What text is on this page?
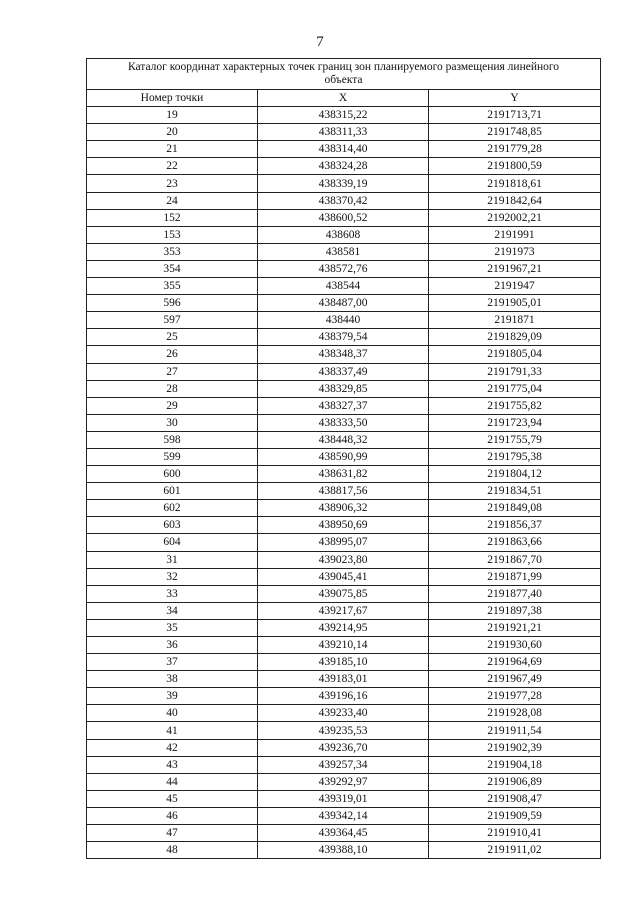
7
Каталог координат характерных точек границ зон планируемого размещения линейного объекта		
Номер точки	X	Y
19	438315,22	2191713,71
20	438311,33	2191748,85
21	438314,40	2191779,28
22	438324,28	2191800,59
23	438339,19	2191818,61
24	438370,42	2191842,64
152	438600,52	2192002,21
153	438608	2191991
353	438581	2191973
354	438572,76	2191967,21
355	438544	2191947
596	438487,00	2191905,01
597	438440	2191871
25	438379,54	2191829,09
26	438348,37	2191805,04
27	438337,49	2191791,33
28	438329,85	2191775,04
29	438327,37	2191755,82
30	438333,50	2191723,94
598	438448,32	2191755,79
599	438590,99	2191795,38
600	438631,82	2191804,12
601	438817,56	2191834,51
602	438906,32	2191849,08
603	438950,69	2191856,37
604	438995,07	2191863,66
31	439023,80	2191867,70
32	439045,41	2191871,99
33	439075,85	2191877,40
34	439217,67	2191897,38
35	439214,95	2191921,21
36	439210,14	2191930,60
37	439185,10	2191964,69
38	439183,01	2191967,49
39	439196,16	2191977,28
40	439233,40	2191928,08
41	439235,53	2191911,54
42	439236,70	2191902,39
43	439257,34	2191904,18
44	439292,97	2191906,89
45	439319,01	2191908,47
46	439342,14	2191909,59
47	439364,45	2191910,41
48	439388,10	2191911,02
